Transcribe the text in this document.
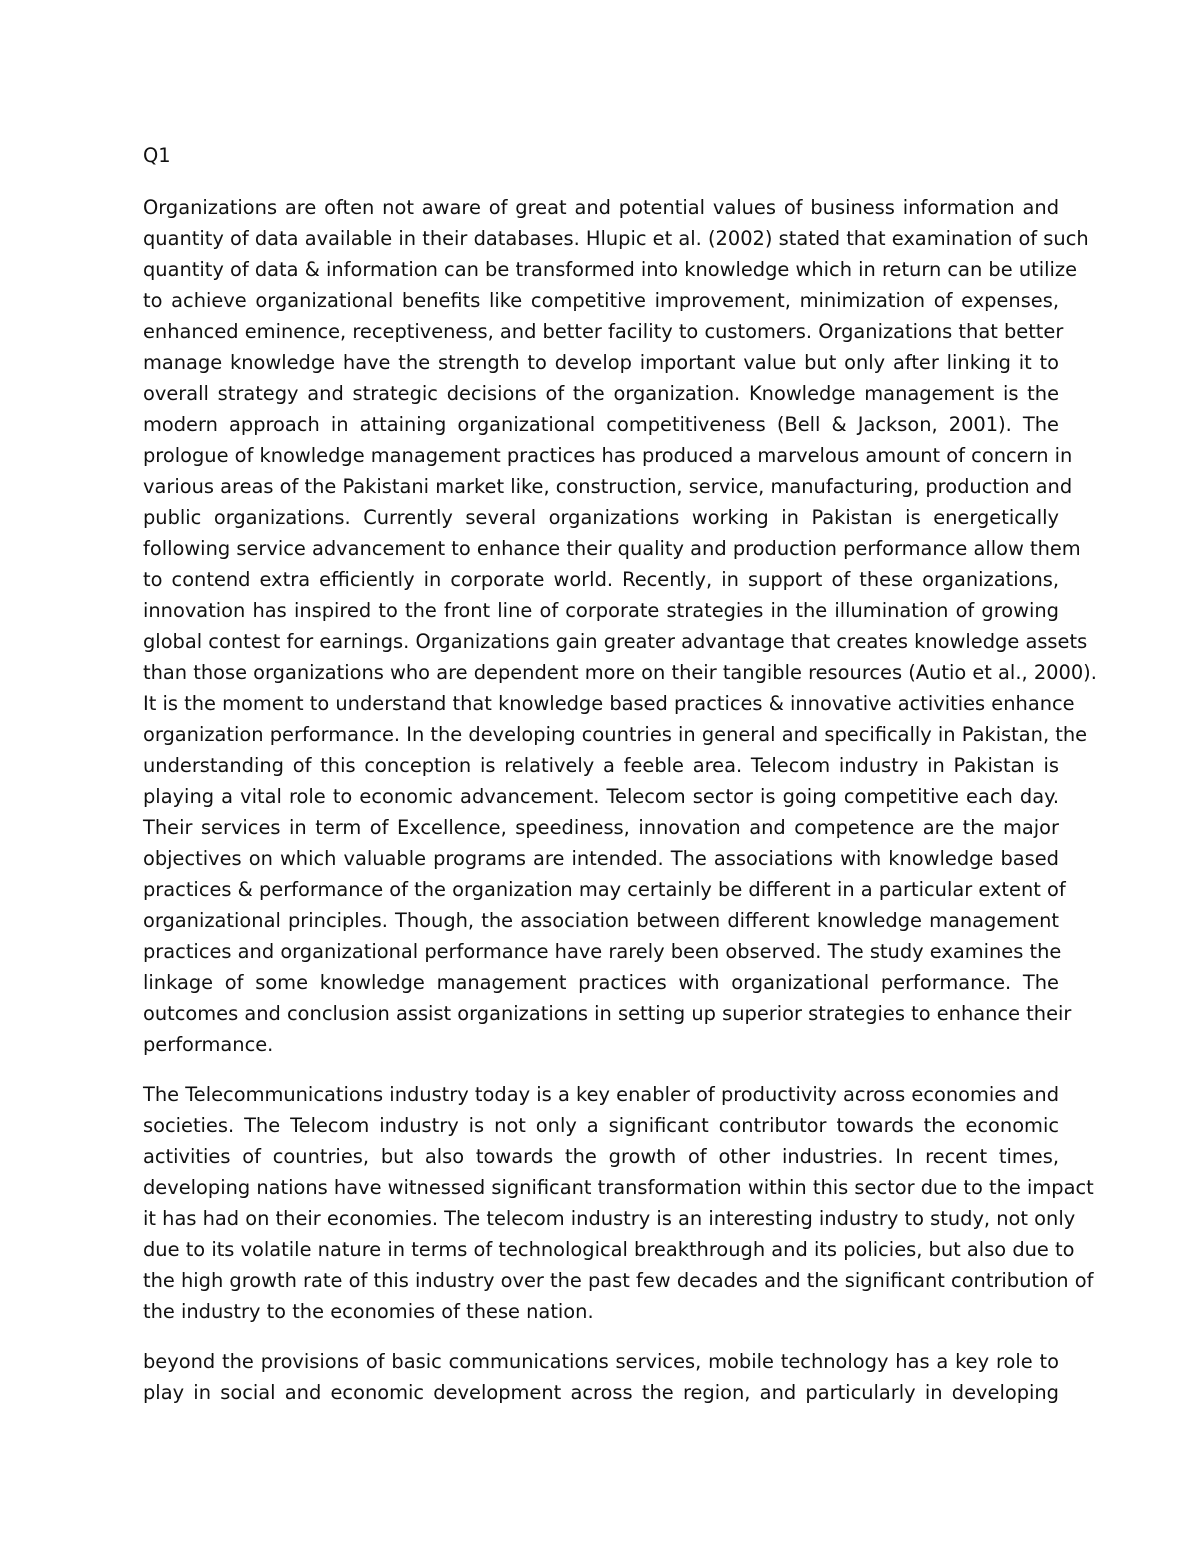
Q1
Organizations are often not aware of great and potential values of business information and
quantity of data available in their databases. Hlupic et al. (2002) stated that examination of such
quantity of data & information can be transformed into knowledge which in return can be utilize
to achieve organizational benefits like competitive improvement, minimization of expenses,
enhanced eminence, receptiveness, and better facility to customers. Organizations that better
manage knowledge have the strength to develop important value but only after linking it to
overall strategy and strategic decisions of the organization. Knowledge management is the
modern approach in attaining organizational competitiveness (Bell & Jackson, 2001). The
prologue of knowledge management practices has produced a marvelous amount of concern in
various areas of the Pakistani market like, construction, service, manufacturing, production and
public organizations. Currently several organizations working in Pakistan is energetically
following service advancement to enhance their quality and production performance allow them
to contend extra efficiently in corporate world. Recently, in support of these organizations,
innovation has inspired to the front line of corporate strategies in the illumination of growing
global contest for earnings. Organizations gain greater advantage that creates knowledge assets
than those organizations who are dependent more on their tangible resources (Autio et al., 2000).
It is the moment to understand that knowledge based practices & innovative activities enhance
organization performance. In the developing countries in general and specifically in Pakistan, the
understanding of this conception is relatively a feeble area. Telecom industry in Pakistan is
playing a vital role to economic advancement. Telecom sector is going competitive each day.
Their services in term of Excellence, speediness, innovation and competence are the major
objectives on which valuable programs are intended. The associations with knowledge based
practices & performance of the organization may certainly be different in a particular extent of
organizational principles. Though, the association between different knowledge management
practices and organizational performance have rarely been observed. The study examines the
linkage of some knowledge management practices with organizational performance. The
outcomes and conclusion assist organizations in setting up superior strategies to enhance their
performance.
The Telecommunications industry today is a key enabler of productivity across economies and
societies. The Telecom industry is not only a significant contributor towards the economic
activities of countries, but also towards the growth of other industries. In recent times,
developing nations have witnessed significant transformation within this sector due to the impact
it has had on their economies. The telecom industry is an interesting industry to study, not only
due to its volatile nature in terms of technological breakthrough and its policies, but also due to
the high growth rate of this industry over the past few decades and the significant contribution of
the industry to the economies of these nation.
beyond the provisions of basic communications services, mobile technology has a key role to
play in social and economic development across the region, and particularly in developing
